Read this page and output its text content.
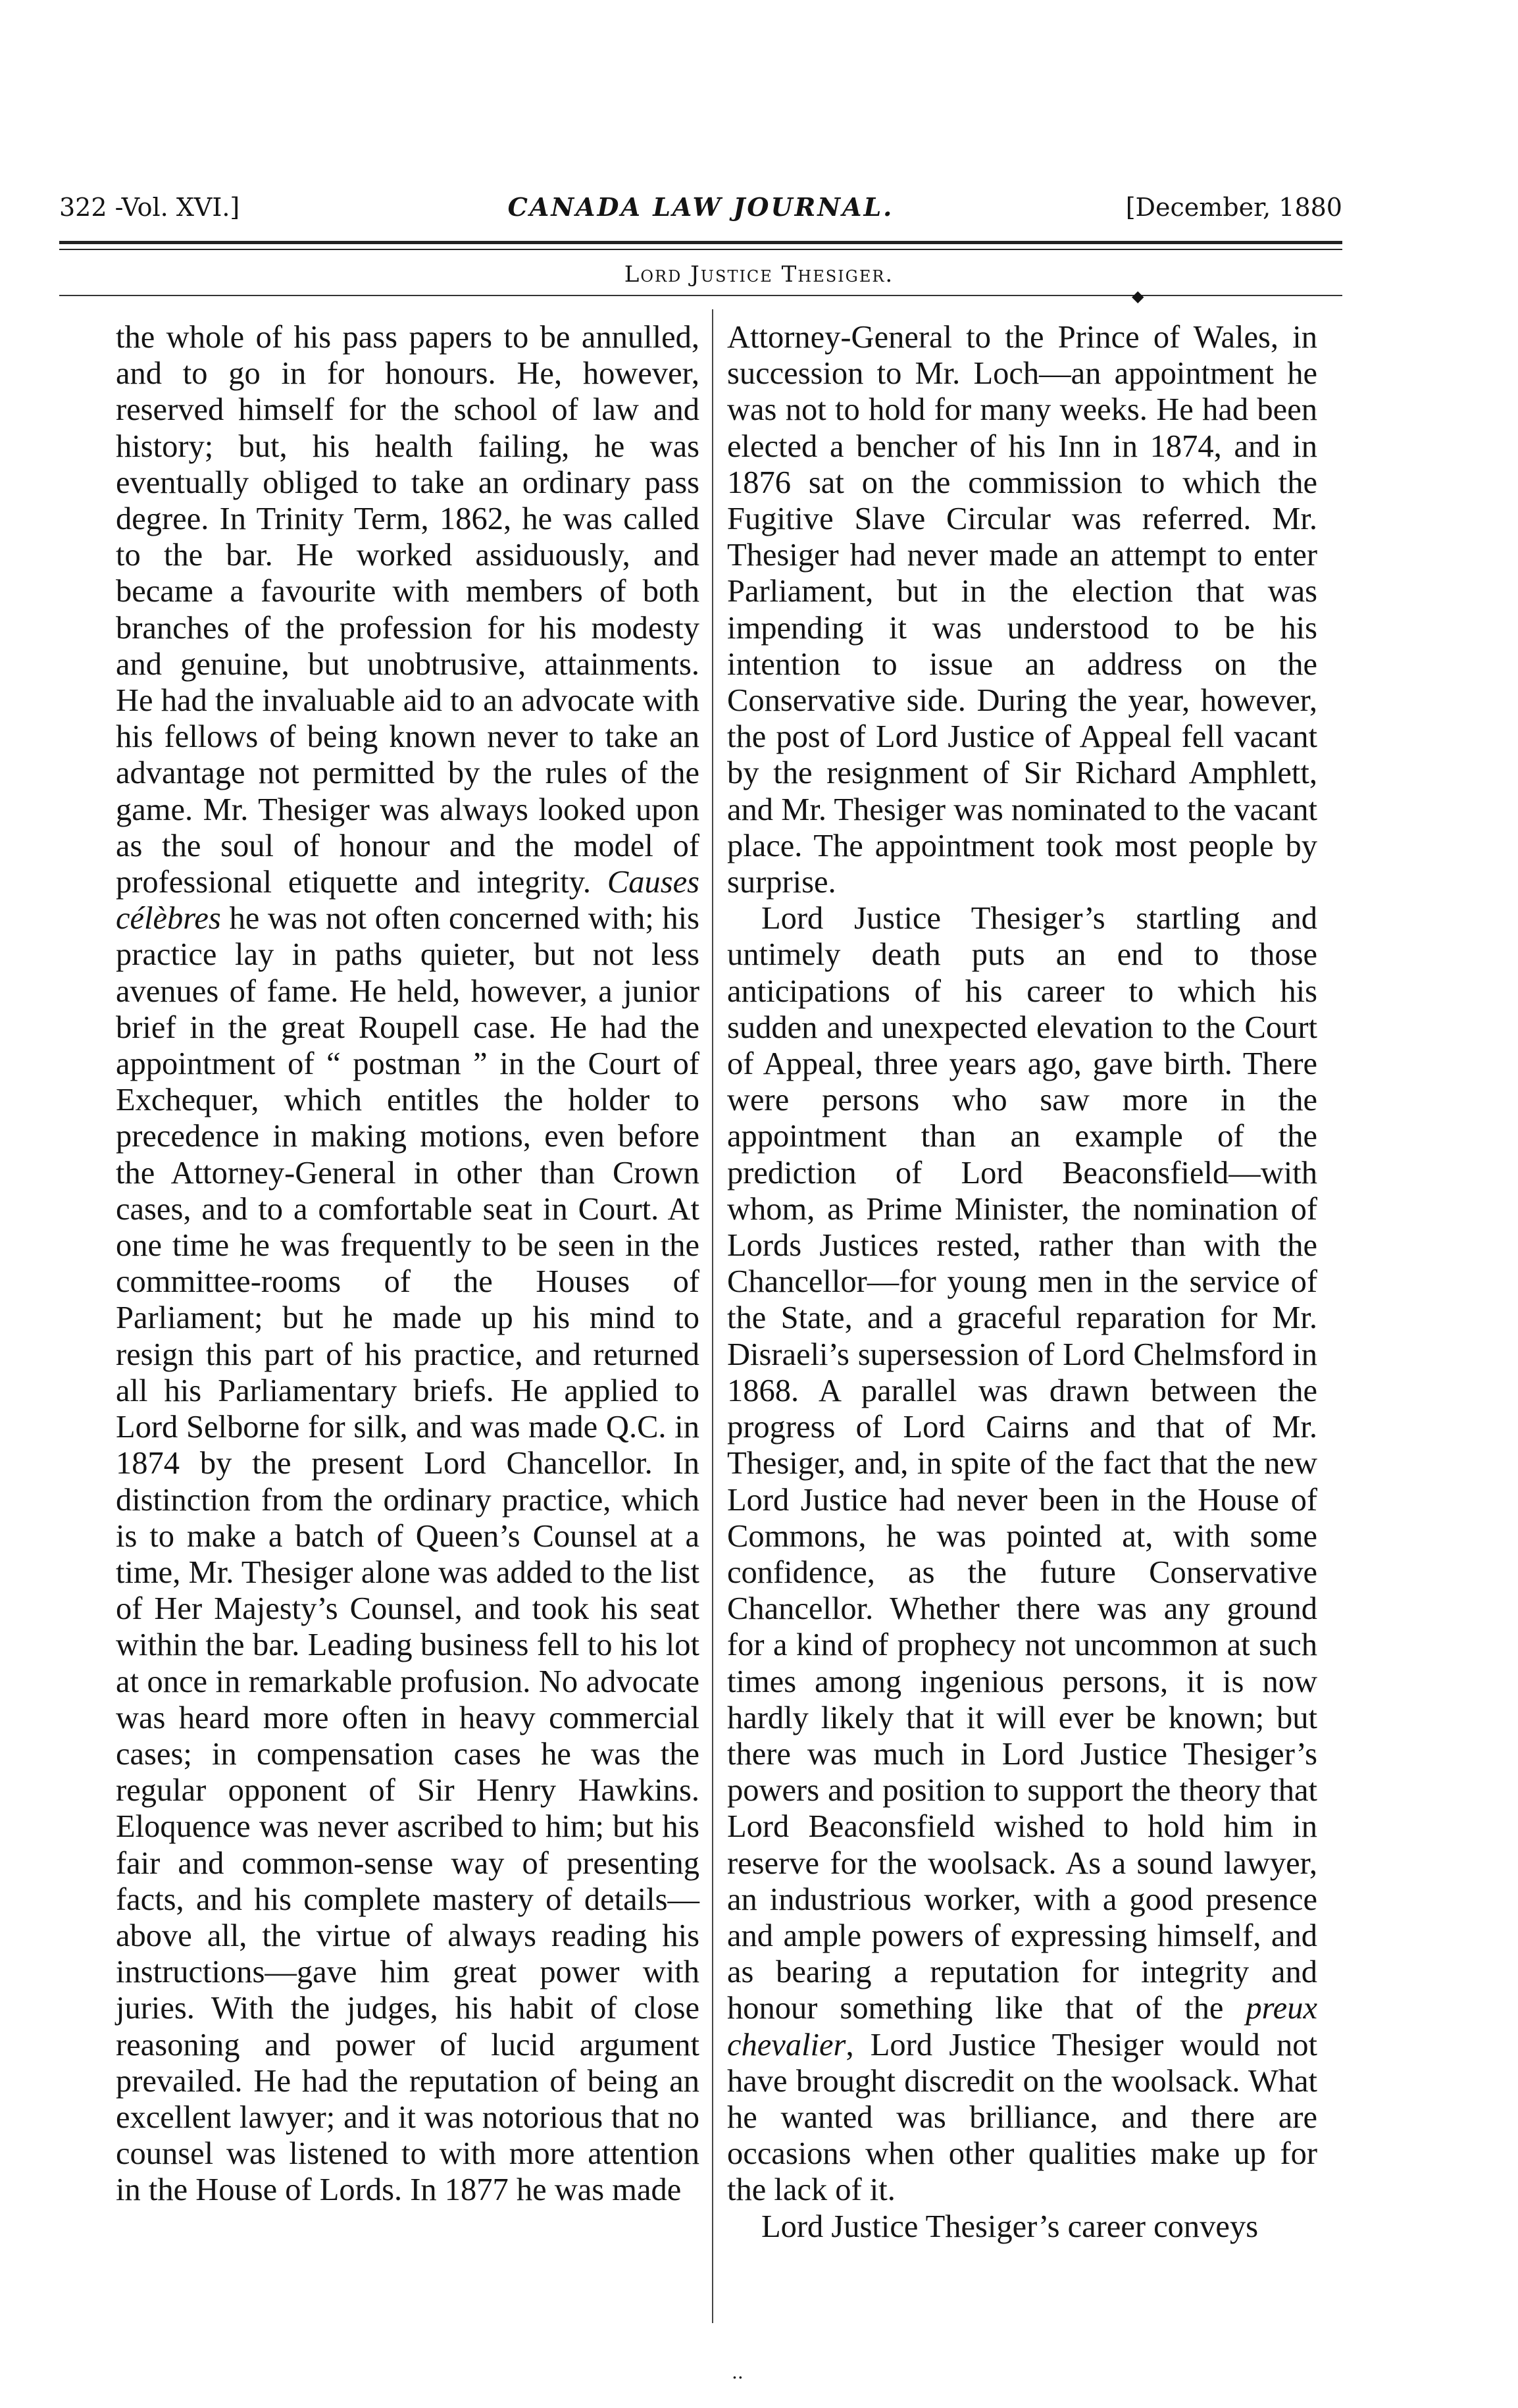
322 -Vol. XVI.]	CANADA LAW JOURNAL.	[December, 1880
Lord Justice Thesiger.
◆

the whole of his pass papers to be annulled, and to go in for honours. He, however, reserved himself for the school of law and history; but, his health failing, he was eventually obliged to take an ordinary pass degree. In Trinity Term, 1862, he was called to the bar. He worked assiduously, and became a favourite with members of both branches of the profession for his modesty and genuine, but unobtrusive, attainments. He had the invaluable aid to an advocate with his fellows of being known never to take an advantage not permitted by the rules of the game. Mr. Thesiger was always looked upon as the soul of honour and the model of professional etiquette and integrity. Causes célèbres he was not often concerned with; his practice lay in paths quieter, but not less avenues of fame. He held, however, a junior brief in the great Roupell case. He had the appointment of “ postman ” in the Court of Exchequer, which entitles the holder to precedence in making motions, even before the Attorney-General in other than Crown cases, and to a comfortable seat in Court. At one time he was frequently to be seen in the committee-rooms of the Houses of Parliament; but he made up his mind to resign this part of his practice, and returned all his Parliamentary briefs. He applied to Lord Selborne for silk, and was made Q.C. in 1874 by the present Lord Chancellor. In distinction from the ordinary practice, which is to make a batch of Queen’s Counsel at a time, Mr. Thesiger alone was added to the list of Her Majesty’s Counsel, and took his seat within the bar. Leading business fell to his lot at once in remarkable profusion. No advocate was heard more often in heavy commercial cases; in compensation cases he was the regular opponent of Sir Henry Hawkins. Eloquence was never ascribed to him; but his fair and common-sense way of presenting facts, and his complete mastery of details—above all, the virtue of always reading his instructions—gave him great power with juries. With the judges, his habit of close reasoning and power of lucid argument prevailed. He had the reputation of being an excellent lawyer; and it was notorious that no counsel was listened to with more attention in the House of Lords. In 1877 he was made

Attorney-General to the Prince of Wales, in succession to Mr. Loch—an appointment he was not to hold for many weeks. He had been elected a bencher of his Inn in 1874, and in 1876 sat on the commission to which the Fugitive Slave Circular was referred. Mr. Thesiger had never made an attempt to enter Parliament, but in the election that was impending it was understood to be his intention to issue an address on the Conservative side. During the year, however, the post of Lord Justice of Appeal fell vacant by the resignment of Sir Richard Amphlett, and Mr. Thesiger was nominated to the vacant place. The appointment took most people by surprise.

Lord Justice Thesiger’s startling and untimely death puts an end to those anticipations of his career to which his sudden and unexpected elevation to the Court of Appeal, three years ago, gave birth. There were persons who saw more in the appointment than an example of the prediction of Lord Beaconsfield—with whom, as Prime Minister, the nomination of Lords Justices rested, rather than with the Chancellor—for young men in the service of the State, and a graceful reparation for Mr. Disraeli’s supersession of Lord Chelmsford in 1868. A parallel was drawn between the progress of Lord Cairns and that of Mr. Thesiger, and, in spite of the fact that the new Lord Justice had never been in the House of Commons, he was pointed at, with some confidence, as the future Conservative Chancellor. Whether there was any ground for a kind of prophecy not uncommon at such times among ingenious persons, it is now hardly likely that it will ever be known; but there was much in Lord Justice Thesiger’s powers and position to support the theory that Lord Beaconsfield wished to hold him in reserve for the woolsack. As a sound lawyer, an industrious worker, with a good presence and ample powers of expressing himself, and as bearing a reputation for integrity and honour something like that of the preux chevalier, Lord Justice Thesiger would not have brought discredit on the woolsack. What he wanted was brilliance, and there are occasions when other qualities make up for the lack of it.

Lord Justice Thesiger’s career conveys

..
